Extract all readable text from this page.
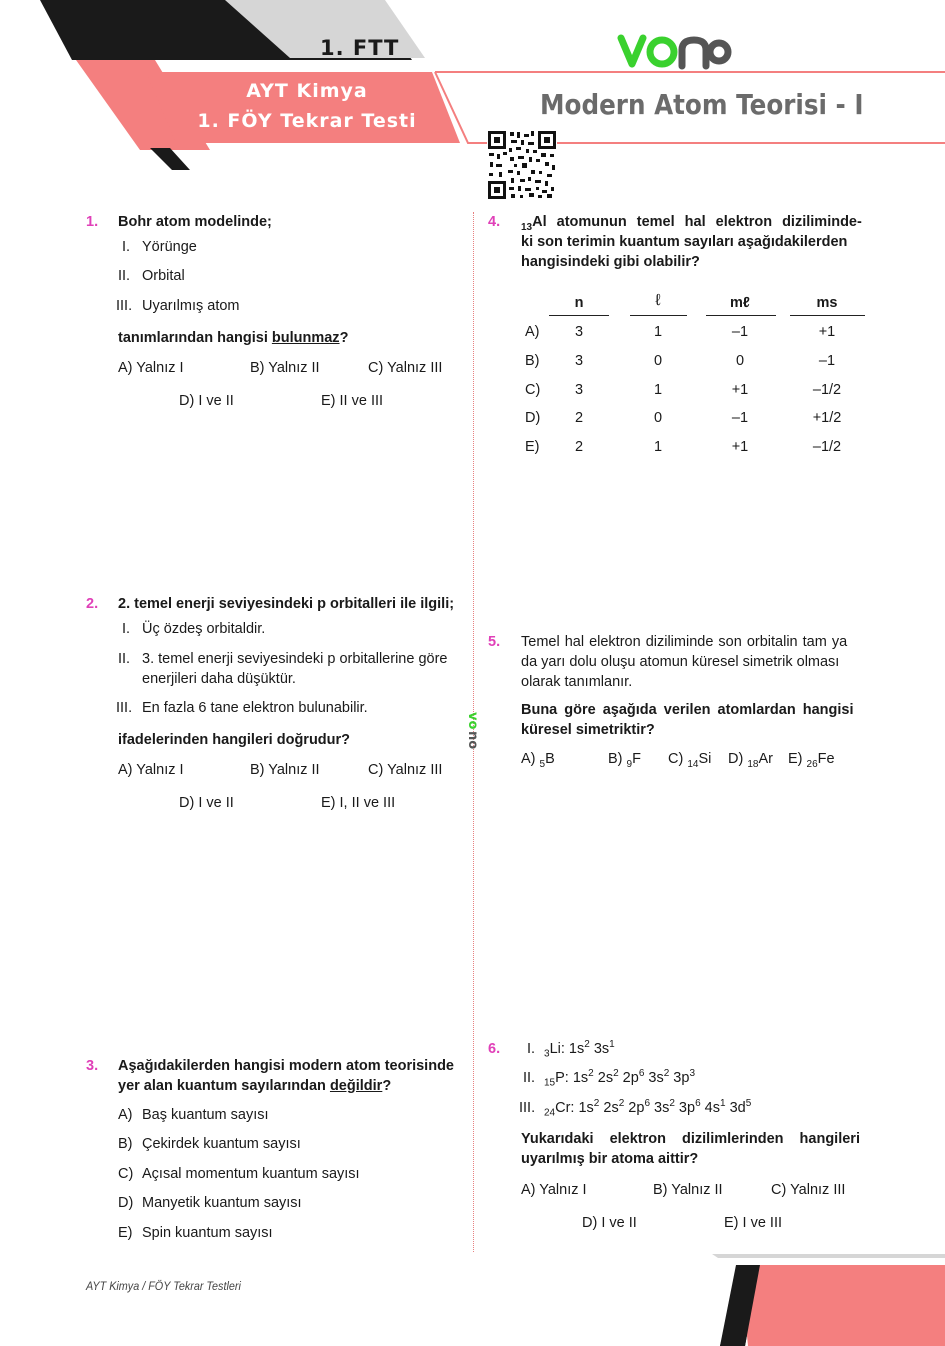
1. FTT
AYT Kimya
1. FÖY Tekrar Testi	Modern Atom Teorisi - I
vo
no
1. Bohr atom modelinde;
I. Yörünge
II. Orbital
III. Uyarılmış atom
tanımlarından hangisi bulunmaz?
A) Yalnız I	B) Yalnız II	C) Yalnız III
D) I ve II	E) II ve III
2. 2. temel enerji seviyesindeki p orbitalleri ile ilgili;
I. Üç özdeş orbitaldir.
II. 3. temel enerji seviyesindeki p orbitallerine göre
enerjileri daha düşüktür.
III. En fazla 6 tane elektron bulunabilir.
ifadelerinden hangileri doğrudur?
A) Yalnız I	B) Yalnız II	C) Yalnız III
D) I ve II	E) I, II ve III
3. Aşağıdakilerden hangisi modern atom teorisinde
yer alan kuantum sayılarından değildir?
A) Baş kuantum sayısı
B) Çekirdek kuantum sayısı
C) Açısal momentum kuantum sayısı
D) Manyetik kuantum sayısı
E) Spin kuantum sayısı
4. $_{13}$Al atomunun temel hal elektron diziliminde-
ki son terimin kuantum sayıları aşağıdakilerden
hangisindeki gibi olabilir?
n	ℓ	mℓ	ms
A) 3	1	–1	+1
B) 3	0	0	–1
C) 3	1	+1	–1/2
D) 2	0	–1	+1/2
E) 2	1	+1	–1/2
5. Temel hal elektron diziliminde son orbitalin tam ya
da yarı dolu oluşu atomun küresel simetrik olması
olarak tanımlanır.
Buna göre aşağıda verilen atomlardan hangisi
küresel simetriktir?
A) $_5$B	B) $_9$F C) $_{14}$Si D) $_{18}$Ar E) $_{26}$Fe
6. I. $_3$Li: $1s^2$ $3s^1$
II. $_{15}$P: $1s^2$ $2s^2$ $2p^6$ $3s^2$ $3p^3$
III. $_{24}$Cr: $1s^2$ $2s^2$ $2p^6$ $3s^2$ $3p^6$ $4s^1$ $3d^5$
Yukarıdaki elektron dizilimlerinden hangileri
uyarılmış bir atoma aittir?
A) Yalnız I	B) Yalnız II	C) Yalnız III
D) I ve II	E) I ve III
AYT Kimya / FÖY Tekrar Testleri
